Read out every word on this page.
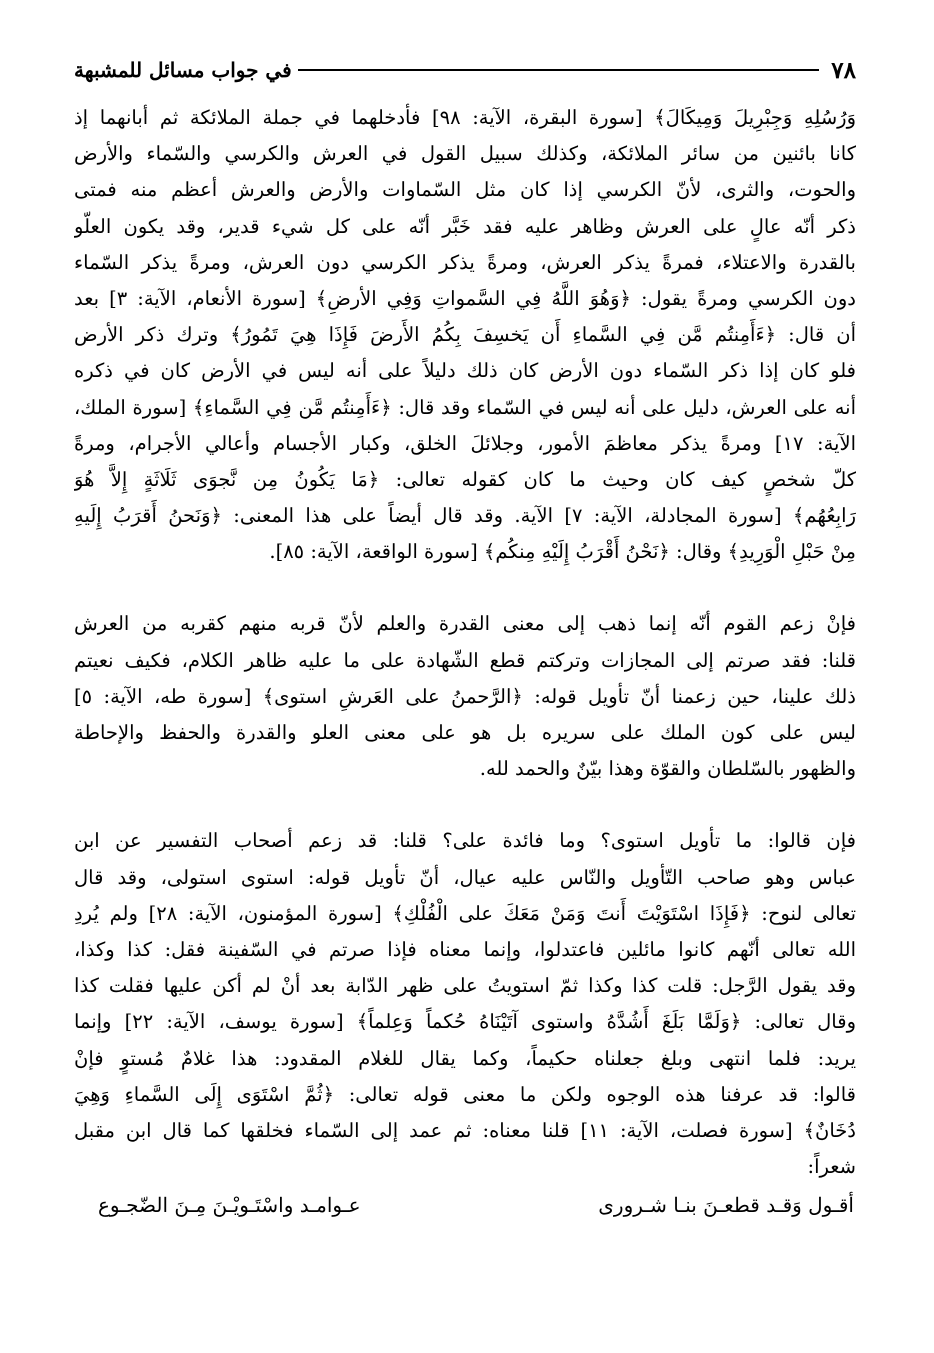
٧٨
في جواب مسائل للمشبهة

وَرُسُلِهِ وَجِبْرِيلَ وَمِيكَالَ﴾ [سورة البقرة، الآية: ٩٨] فأدخلهما في جملة الملائكة ثم أبانهما إذ

كانا بائنين من سائر الملائكة، وكذلك سبيل القول في العرش والكرسي والسّماء والأرض

والحوت، والثرى، لأنّ الكرسي إذا كان مثل السّماوات والأرض والعرش أعظم منه فمتى

ذكر أنّه عالٍ على العرش وظاهر عليه فقد خَبَّر أنّه على كل شيء قدير، وقد يكون العلّو

بالقدرة والاعتلاء، فمرةً يذكر العرش، ومرةً يذكر الكرسي دون العرش، ومرةً يذكر السّماء

دون الكرسي ومرةً يقول: ﴿وَهُوَ اللَّهُ فِي السَّمواتِ وَفِي الأرضِ﴾ [سورة الأنعام، الآية: ٣] بعد

أن قال: ﴿ءَأَمِنتُم مَّن فِي السَّماءِ أَن يَخسِفَ بِكُمُ الأَرضَ فَإِذَا هِيَ تَمُورُ﴾ وترك ذكر الأرض

فلو كان إذا ذكر السّماء دون الأرض كان ذلك دليلاً على أنه ليس في الأرض كان في ذكره

أنه على العرش، دليل على أنه ليس في السّماء وقد قال: ﴿ءَأَمِنتُم مَّن فِي السَّماءِ﴾ [سورة الملك،

الآية: ١٧] ومرةً يذكر معاظمَ الأمور، وجلائلَ الخلق، وكبار الأجسام وأعالي الأجرام، ومرةً

كلّ شخصٍ كيف كان وحيث ما كان كقوله تعالى: ﴿مَا يَكُونُ مِن نَّجوَى ثَلَاثَةٍ إِلاَّ هُوَ

رَابِعُهُم﴾ [سورة المجادلة، الآية: ٧] الآية. وقد قال أيضاً على هذا المعنى: ﴿وَنَحنُ أَقرَبُ إِلَيهِ

مِنْ حَبْلِ الْوَرِيدِ﴾ وقال: ﴿نَحْنُ أَقْرَبُ إِلَيْهِ مِنكُم﴾ [سورة الواقعة، الآية: ٨٥].

فإنْ زعم القوم أنّه إنما ذهب إلى معنى القدرة والعلم لأنّ قربه منهم كقربه من العرش

قلنا: فقد صرتم إلى المجازات وتركتم قطع الشّهادة على ما عليه ظاهر الكلام، فكيف نعيتم

ذلك علينا، حين زعمنا أنّ تأويل قوله: ﴿الرَّحمنُ على العَرشِ استوى﴾ [سورة طه، الآية: ٥]

ليس على كون الملك على سريره بل هو على معنى العلو والقدرة والحفظ والإحاطة

والظهور بالسّلطان والقوّة وهذا بيّنٌ والحمد لله.

فإن قالوا: ما تأويل استوى؟ وما فائدة على؟ قلنا: قد زعم أصحاب التفسير عن ابن

عباس وهو صاحب التّأويل والنّاس عليه عيال، أنّ تأويل قوله: استوى استولى، وقد قال

تعالى لنوح: ﴿فَإِذَا اسْتَوَيْتَ أَنتَ وَمَنْ مَعَكَ على الْفُلْكِ﴾ [سورة المؤمنون، الآية: ٢٨] ولم يُردِ

الله تعالى أنّهم كانوا مائلين فاعتدلوا، وإنما معناه فإذا صرتم في السّفينة فقل: كذا وكذا،

وقد يقول الرَّجل: قلت كذا وكذا ثمّ استويتُ على ظهر الدّابة بعد أنْ لم أكن عليها فقلت كذا

وقال تعالى: ﴿وَلَمَّا بَلَغَ أَشُدَّهُ واستوى آتَيْنَاهُ حُكماً وَعِلماً﴾ [سورة يوسف، الآية: ٢٢] وإنما

يريد: فلما انتهى وبلغ جعلناه حكيماً، وكما يقال للغلام المقدود: هذا غلامٌ مُستوٍ فإنْ

قالوا: قد عرفنا هذه الوجوه ولكن ما معنى قوله تعالى: ﴿ثُمَّ اسْتَوَى إِلَى السَّماءِ وَهِيَ

دُخَانٌ﴾ [سورة فصلت، الآية: ١١] قلنا معناه: ثم عمد إلى السّماء فخلقها كما قال ابن مقبل

شعراً:

أقـول وَقـد قطعـنَ بنـا شـرورى
عـوامـد واسْتَـويْـنَ مِـنَ الضّجـوع
